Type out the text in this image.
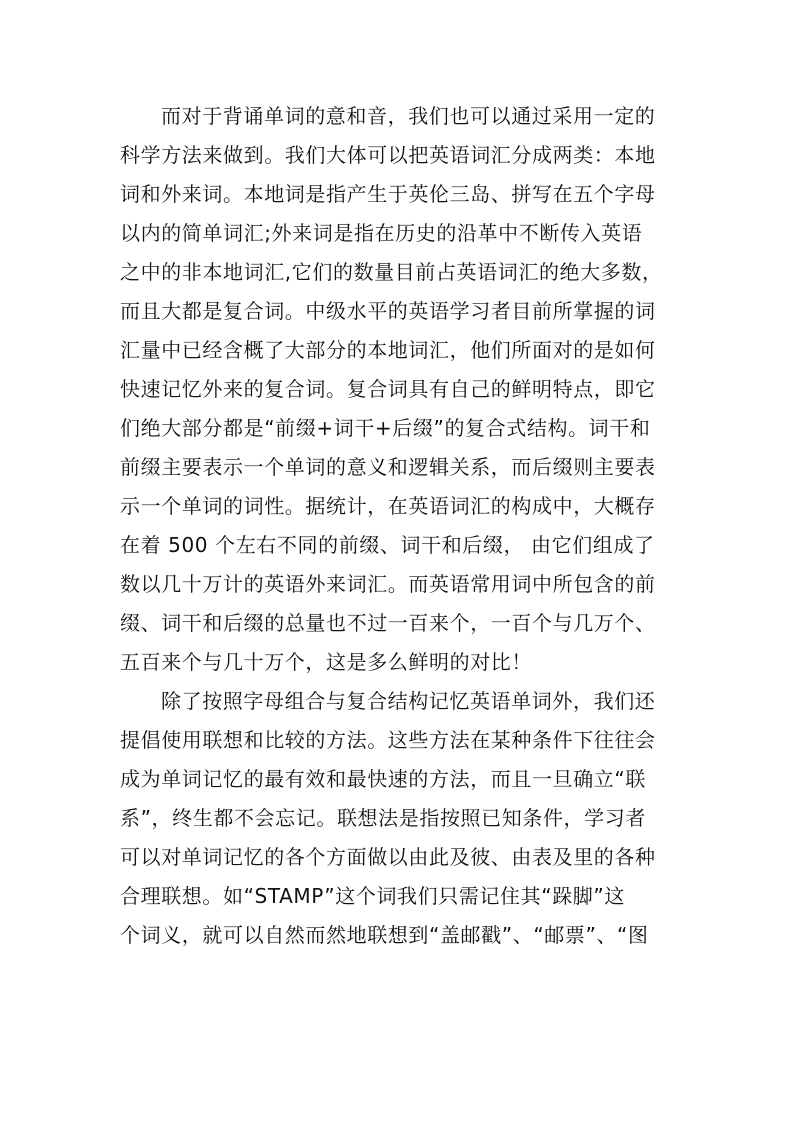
而对于背诵单词的意和音，我们也可以通过采用一定的
科学方法来做到。我们大体可以把英语词汇分成两类：本地
词和外来词。本地词是指产生于英伦三岛、拼写在五个字母
以内的简单词汇;外来词是指在历史的沿革中不断传入英语
之中的非本地词汇,它们的数量目前占英语词汇的绝大多数，
而且大都是复合词。中级水平的英语学习者目前所掌握的词
汇量中已经含概了大部分的本地词汇，他们所面对的是如何
快速记忆外来的复合词。复合词具有自己的鲜明特点，即它
们绝大部分都是“前缀+词干+后缀”的复合式结构。词干和
前缀主要表示一个单词的意义和逻辑关系，而后缀则主要表
示一个单词的词性。据统计，在英语词汇的构成中，大概存
在着 500 个左右不同的前缀、词干和后缀， 由它们组成了
数以几十万计的英语外来词汇。而英语常用词中所包含的前
缀、词干和后缀的总量也不过一百来个，一百个与几万个、
五百来个与几十万个，这是多么鲜明的对比！
除了按照字母组合与复合结构记忆英语单词外，我们还
提倡使用联想和比较的方法。这些方法在某种条件下往往会
成为单词记忆的最有效和最快速的方法，而且一旦确立“联
系”，终生都不会忘记。联想法是指按照已知条件，学习者
可以对单词记忆的各个方面做以由此及彼、由表及里的各种
合理联想。如“STAMP”这个词我们只需记住其“跺脚”这
个词义，就可以自然而然地联想到“盖邮戳”、“邮票”、“图
